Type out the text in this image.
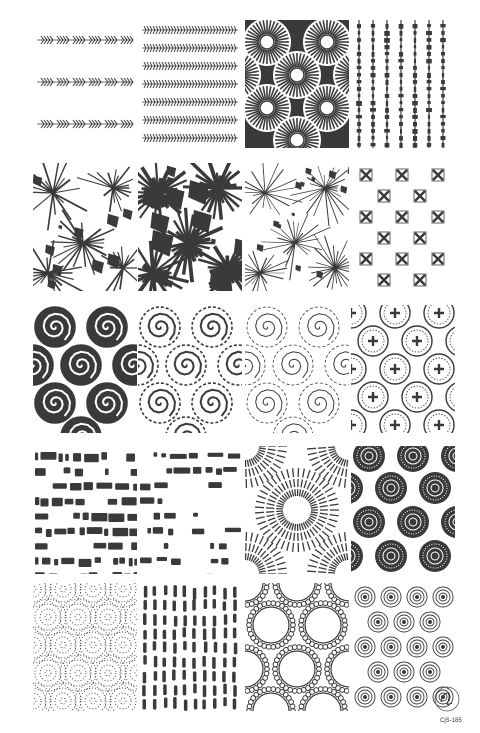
CjS-185
